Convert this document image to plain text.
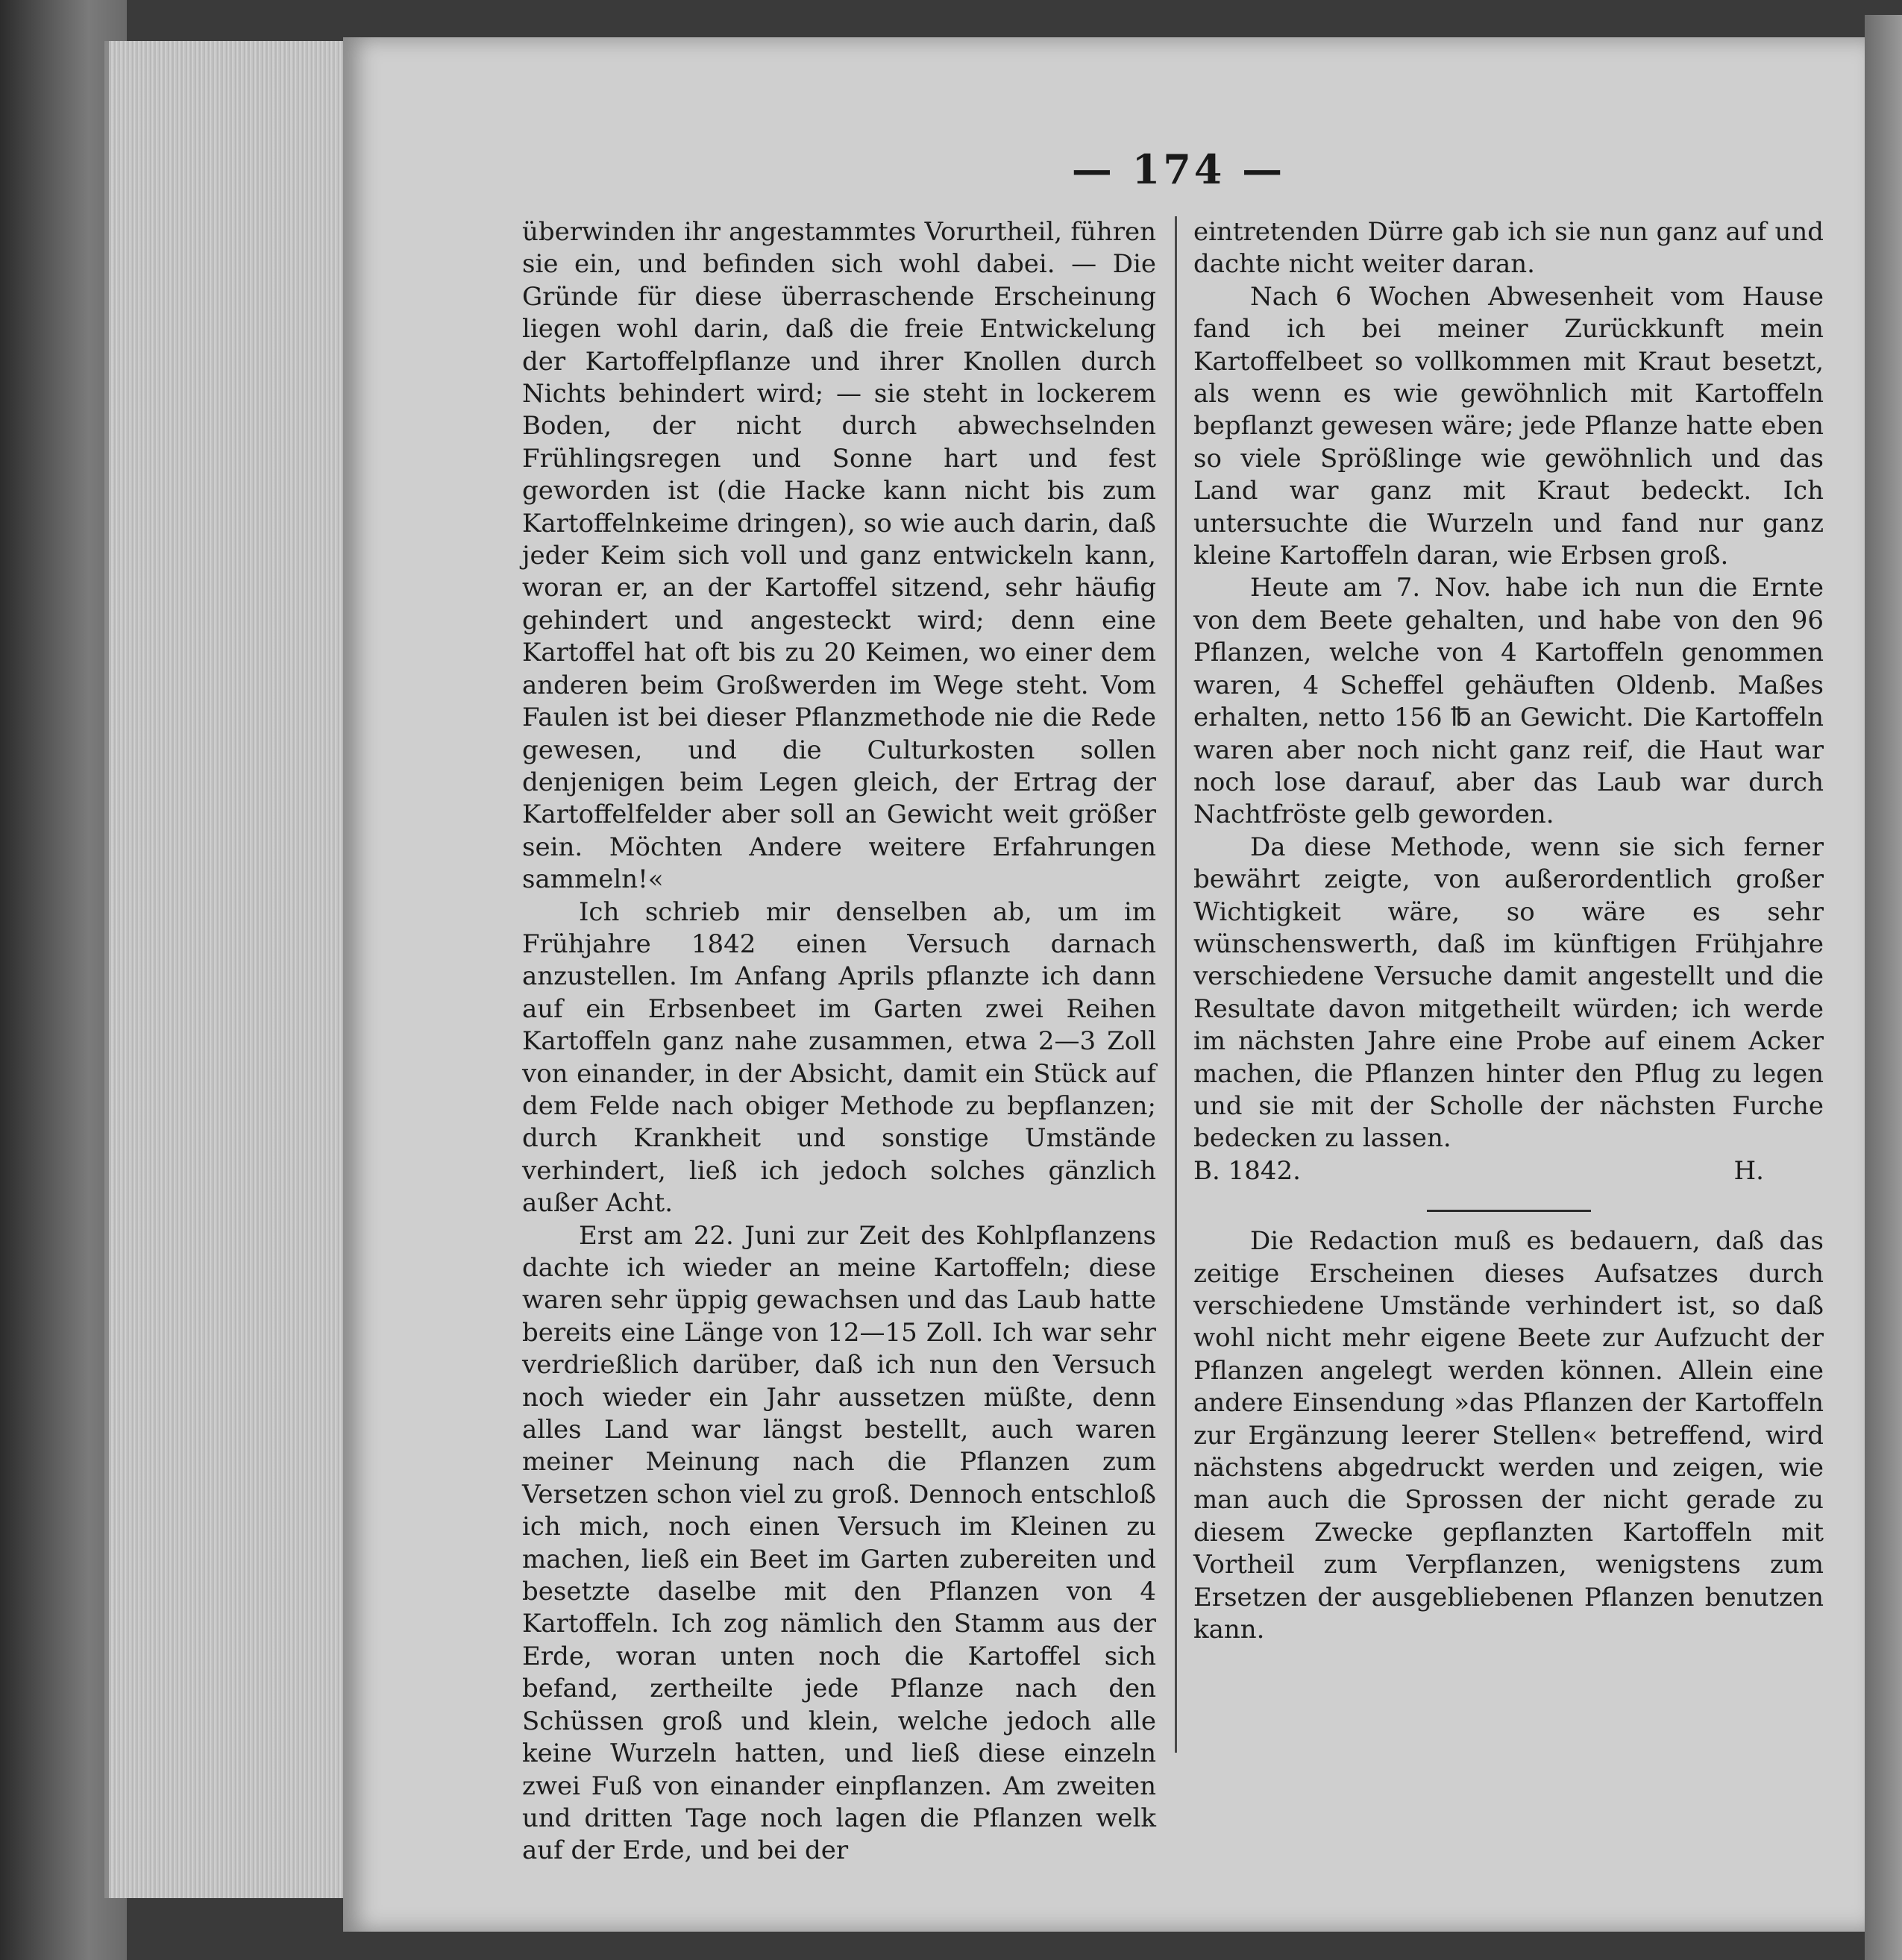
— 174 —

überwinden ihr angestammtes Vorurtheil, führen sie ein, und befinden sich wohl dabei. — Die Gründe für diese überraschende Erscheinung liegen wohl darin, daß die freie Entwickelung der Kartoffelpflanze und ihrer Knollen durch Nichts behindert wird; — sie steht in lockerem Boden, der nicht durch abwechselnden Frühlingsregen und Sonne hart und fest geworden ist (die Hacke kann nicht bis zum Kartoffelnkeime dringen), so wie auch darin, daß jeder Keim sich voll und ganz entwickeln kann, woran er, an der Kartoffel sitzend, sehr häufig gehindert und angesteckt wird; denn eine Kartoffel hat oft bis zu 20 Keimen, wo einer dem anderen beim Großwerden im Wege steht. Vom Faulen ist bei dieser Pflanzmethode nie die Rede gewesen, und die Culturkosten sollen denjenigen beim Legen gleich, der Ertrag der Kartoffelfelder aber soll an Gewicht weit größer sein. Möchten Andere weitere Erfahrungen sammeln!«

Ich schrieb mir denselben ab, um im Frühjahre 1842 einen Versuch darnach anzustellen. Im Anfang Aprils pflanzte ich dann auf ein Erbsenbeet im Garten zwei Reihen Kartoffeln ganz nahe zusammen, etwa 2—3 Zoll von einander, in der Absicht, damit ein Stück auf dem Felde nach obiger Methode zu bepflanzen; durch Krankheit und sonstige Umstände verhindert, ließ ich jedoch solches gänzlich außer Acht.

Erst am 22. Juni zur Zeit des Kohlpflanzens dachte ich wieder an meine Kartoffeln; diese waren sehr üppig gewachsen und das Laub hatte bereits eine Länge von 12—15 Zoll. Ich war sehr verdrießlich darüber, daß ich nun den Versuch noch wieder ein Jahr aussetzen müßte, denn alles Land war längst bestellt, auch waren meiner Meinung nach die Pflanzen zum Versetzen schon viel zu groß. Dennoch entschloß ich mich, noch einen Versuch im Kleinen zu machen, ließ ein Beet im Garten zubereiten und besetzte daselbe mit den Pflanzen von 4 Kartoffeln. Ich zog nämlich den Stamm aus der Erde, woran unten noch die Kartoffel sich befand, zertheilte jede Pflanze nach den Schüssen groß und klein, welche jedoch alle keine Wurzeln hatten, und ließ diese einzeln zwei Fuß von einander einpflanzen. Am zweiten und dritten Tage noch lagen die Pflanzen welk auf der Erde, und bei der

eintretenden Dürre gab ich sie nun ganz auf und dachte nicht weiter daran.

Nach 6 Wochen Abwesenheit vom Hause fand ich bei meiner Zurückkunft mein Kartoffelbeet so vollkommen mit Kraut besetzt, als wenn es wie gewöhnlich mit Kartoffeln bepflanzt gewesen wäre; jede Pflanze hatte eben so viele Sprößlinge wie gewöhnlich und das Land war ganz mit Kraut bedeckt. Ich untersuchte die Wurzeln und fand nur ganz kleine Kartoffeln daran, wie Erbsen groß.

Heute am 7. Nov. habe ich nun die Ernte von dem Beete gehalten, und habe von den 96 Pflanzen, welche von 4 Kartoffeln genommen waren, 4 Scheffel gehäuften Oldenb. Maßes erhalten, netto 156 ℔ an Gewicht. Die Kartoffeln waren aber noch nicht ganz reif, die Haut war noch lose darauf, aber das Laub war durch Nachtfröste gelb geworden.

Da diese Methode, wenn sie sich ferner bewährt zeigte, von außerordentlich großer Wichtigkeit wäre, so wäre es sehr wünschenswerth, daß im künftigen Frühjahre verschiedene Versuche damit angestellt und die Resultate davon mitgetheilt würden; ich werde im nächsten Jahre eine Probe auf einem Acker machen, die Pflanzen hinter den Pflug zu legen und sie mit der Scholle der nächsten Furche bedecken zu lassen.

B. 1842.	H.

Die Redaction muß es bedauern, daß das zeitige Erscheinen dieses Aufsatzes durch verschiedene Umstände verhindert ist, so daß wohl nicht mehr eigene Beete zur Aufzucht der Pflanzen angelegt werden können. Allein eine andere Einsendung »das Pflanzen der Kartoffeln zur Ergänzung leerer Stellen« betreffend, wird nächstens abgedruckt werden und zeigen, wie man auch die Sprossen der nicht gerade zu diesem Zwecke gepflanzten Kartoffeln mit Vortheil zum Verpflanzen, wenigstens zum Ersetzen der ausgebliebenen Pflanzen benutzen kann.
